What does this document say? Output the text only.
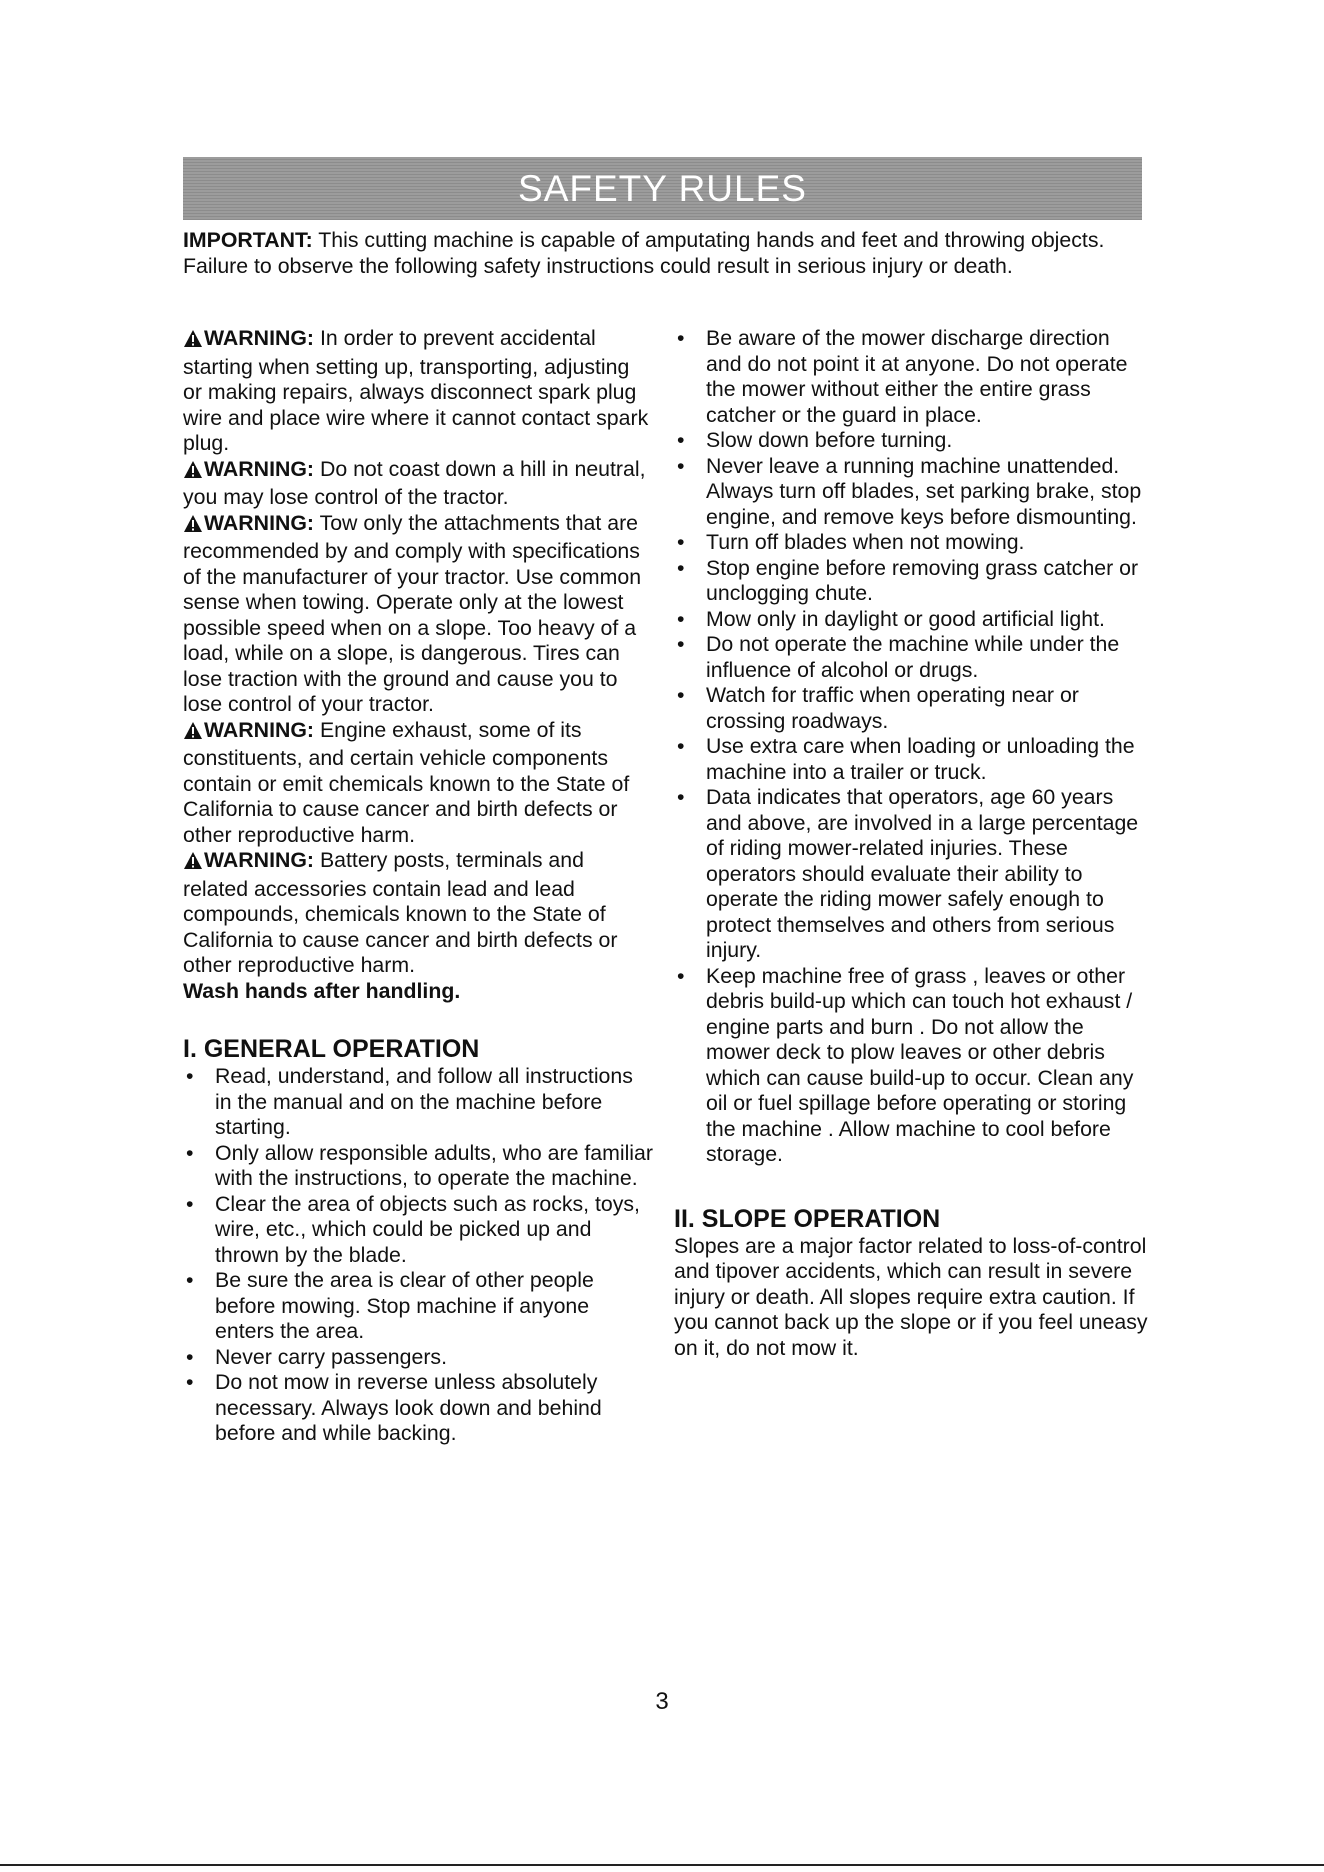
SAFETY RULES

IMPORTANT: This cutting machine is capable of amputating hands and feet and throwing objects. Failure to observe the following safety instructions could result in serious injury or death.

WARNING: In order to prevent accidental starting when setting up, transporting, adjusting or making repairs, always disconnect spark plug wire and place wire where it cannot contact spark plug.

WARNING: Do not coast down a hill in neutral, you may lose control of the tractor.

WARNING: Tow only the attachments that are recommended by and comply with specifications of the manufacturer of your tractor. Use common sense when towing. Operate only at the lowest possible speed when on a slope. Too heavy of a load, while on a slope, is dangerous. Tires can lose traction with the ground and cause you to lose control of your tractor.

WARNING: Engine exhaust, some of its constituents, and certain vehicle components contain or emit chemicals known to the State of California to cause cancer and birth defects or other reproductive harm.

WARNING: Battery posts, terminals and related accessories contain lead and lead compounds, chemicals known to the State of California to cause cancer and birth defects or other reproductive harm.
Wash hands after handling.

I. GENERAL OPERATION
• Read, understand, and follow all instructions in the manual and on the machine before starting.
• Only allow responsible adults, who are familiar with the instructions, to operate the machine.
• Clear the area of objects such as rocks, toys, wire, etc., which could be picked up and thrown by the blade.
• Be sure the area is clear of other people before mowing. Stop machine if anyone enters the area.
• Never carry passengers.
• Do not mow in reverse unless absolutely necessary. Always look down and behind before and while backing.
• Be aware of the mower discharge direction and do not point it at anyone. Do not operate the mower without either the entire grass catcher or the guard in place.
• Slow down before turning.
• Never leave a running machine unattended. Always turn off blades, set parking brake, stop engine, and remove keys before dismounting.
• Turn off blades when not mowing.
• Stop engine before removing grass catcher or unclogging chute.
• Mow only in daylight or good artificial light.
• Do not operate the machine while under the influence of alcohol or drugs.
• Watch for traffic when operating near or crossing roadways.
• Use extra care when loading or unloading the machine into a trailer or truck.
• Data indicates that operators, age 60 years and above, are involved in a large percentage of riding mower-related injuries. These operators should evaluate their ability to operate the riding mower safely enough to protect themselves and others from serious injury.
• Keep machine free of grass , leaves or other debris build-up which can touch hot exhaust / engine parts and burn . Do not allow the mower deck to plow leaves or other debris which can cause build-up to occur. Clean any oil or fuel spillage before operating or storing the machine . Allow machine to cool before storage.
II. SLOPE OPERATION

Slopes are a major factor related to loss-of-control and tipover accidents, which can result in severe injury or death. All slopes require extra caution. If you cannot back up the slope or if you feel uneasy on it, do not mow it.

3
